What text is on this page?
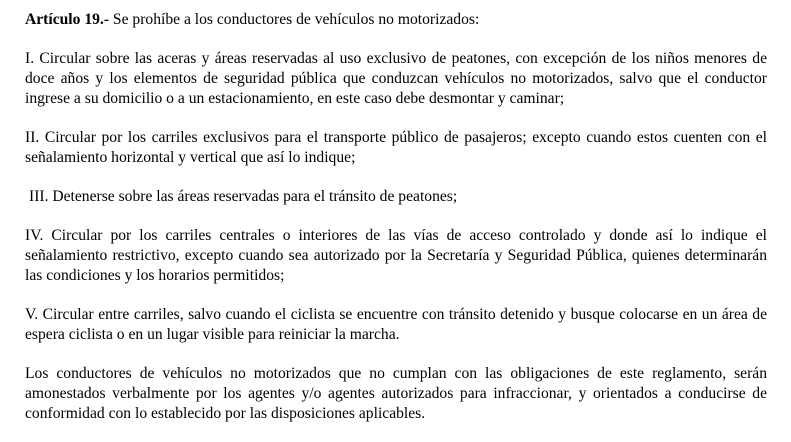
Artículo 19.- Se prohíbe a los conductores de vehículos no motorizados:

I. Circular sobre las aceras y áreas reservadas al uso exclusivo de peatones, con excepción de los niños menores de doce años y los elementos de seguridad pública que conduzcan vehículos no motorizados, salvo que el conductor ingrese a su domicilio o a un estacionamiento, en este caso debe desmontar y caminar;

II. Circular por los carriles exclusivos para el transporte público de pasajeros; excepto cuando estos cuenten con el señalamiento horizontal y vertical que así lo indique;

III. Detenerse sobre las áreas reservadas para el tránsito de peatones;

IV. Circular por los carriles centrales o interiores de las vías de acceso controlado y donde así lo indique el señalamiento restrictivo, excepto cuando sea autorizado por la Secretaría y Seguridad Pública, quienes determinarán las condiciones y los horarios permitidos;

V. Circular entre carriles, salvo cuando el ciclista se encuentre con tránsito detenido y busque colocarse en un área de espera ciclista o en un lugar visible para reiniciar la marcha.

Los conductores de vehículos no motorizados que no cumplan con las obligaciones de este reglamento, serán amonestados verbalmente por los agentes y/o agentes autorizados para infraccionar, y orientados a conducirse de conformidad con lo establecido por las disposiciones aplicables.
